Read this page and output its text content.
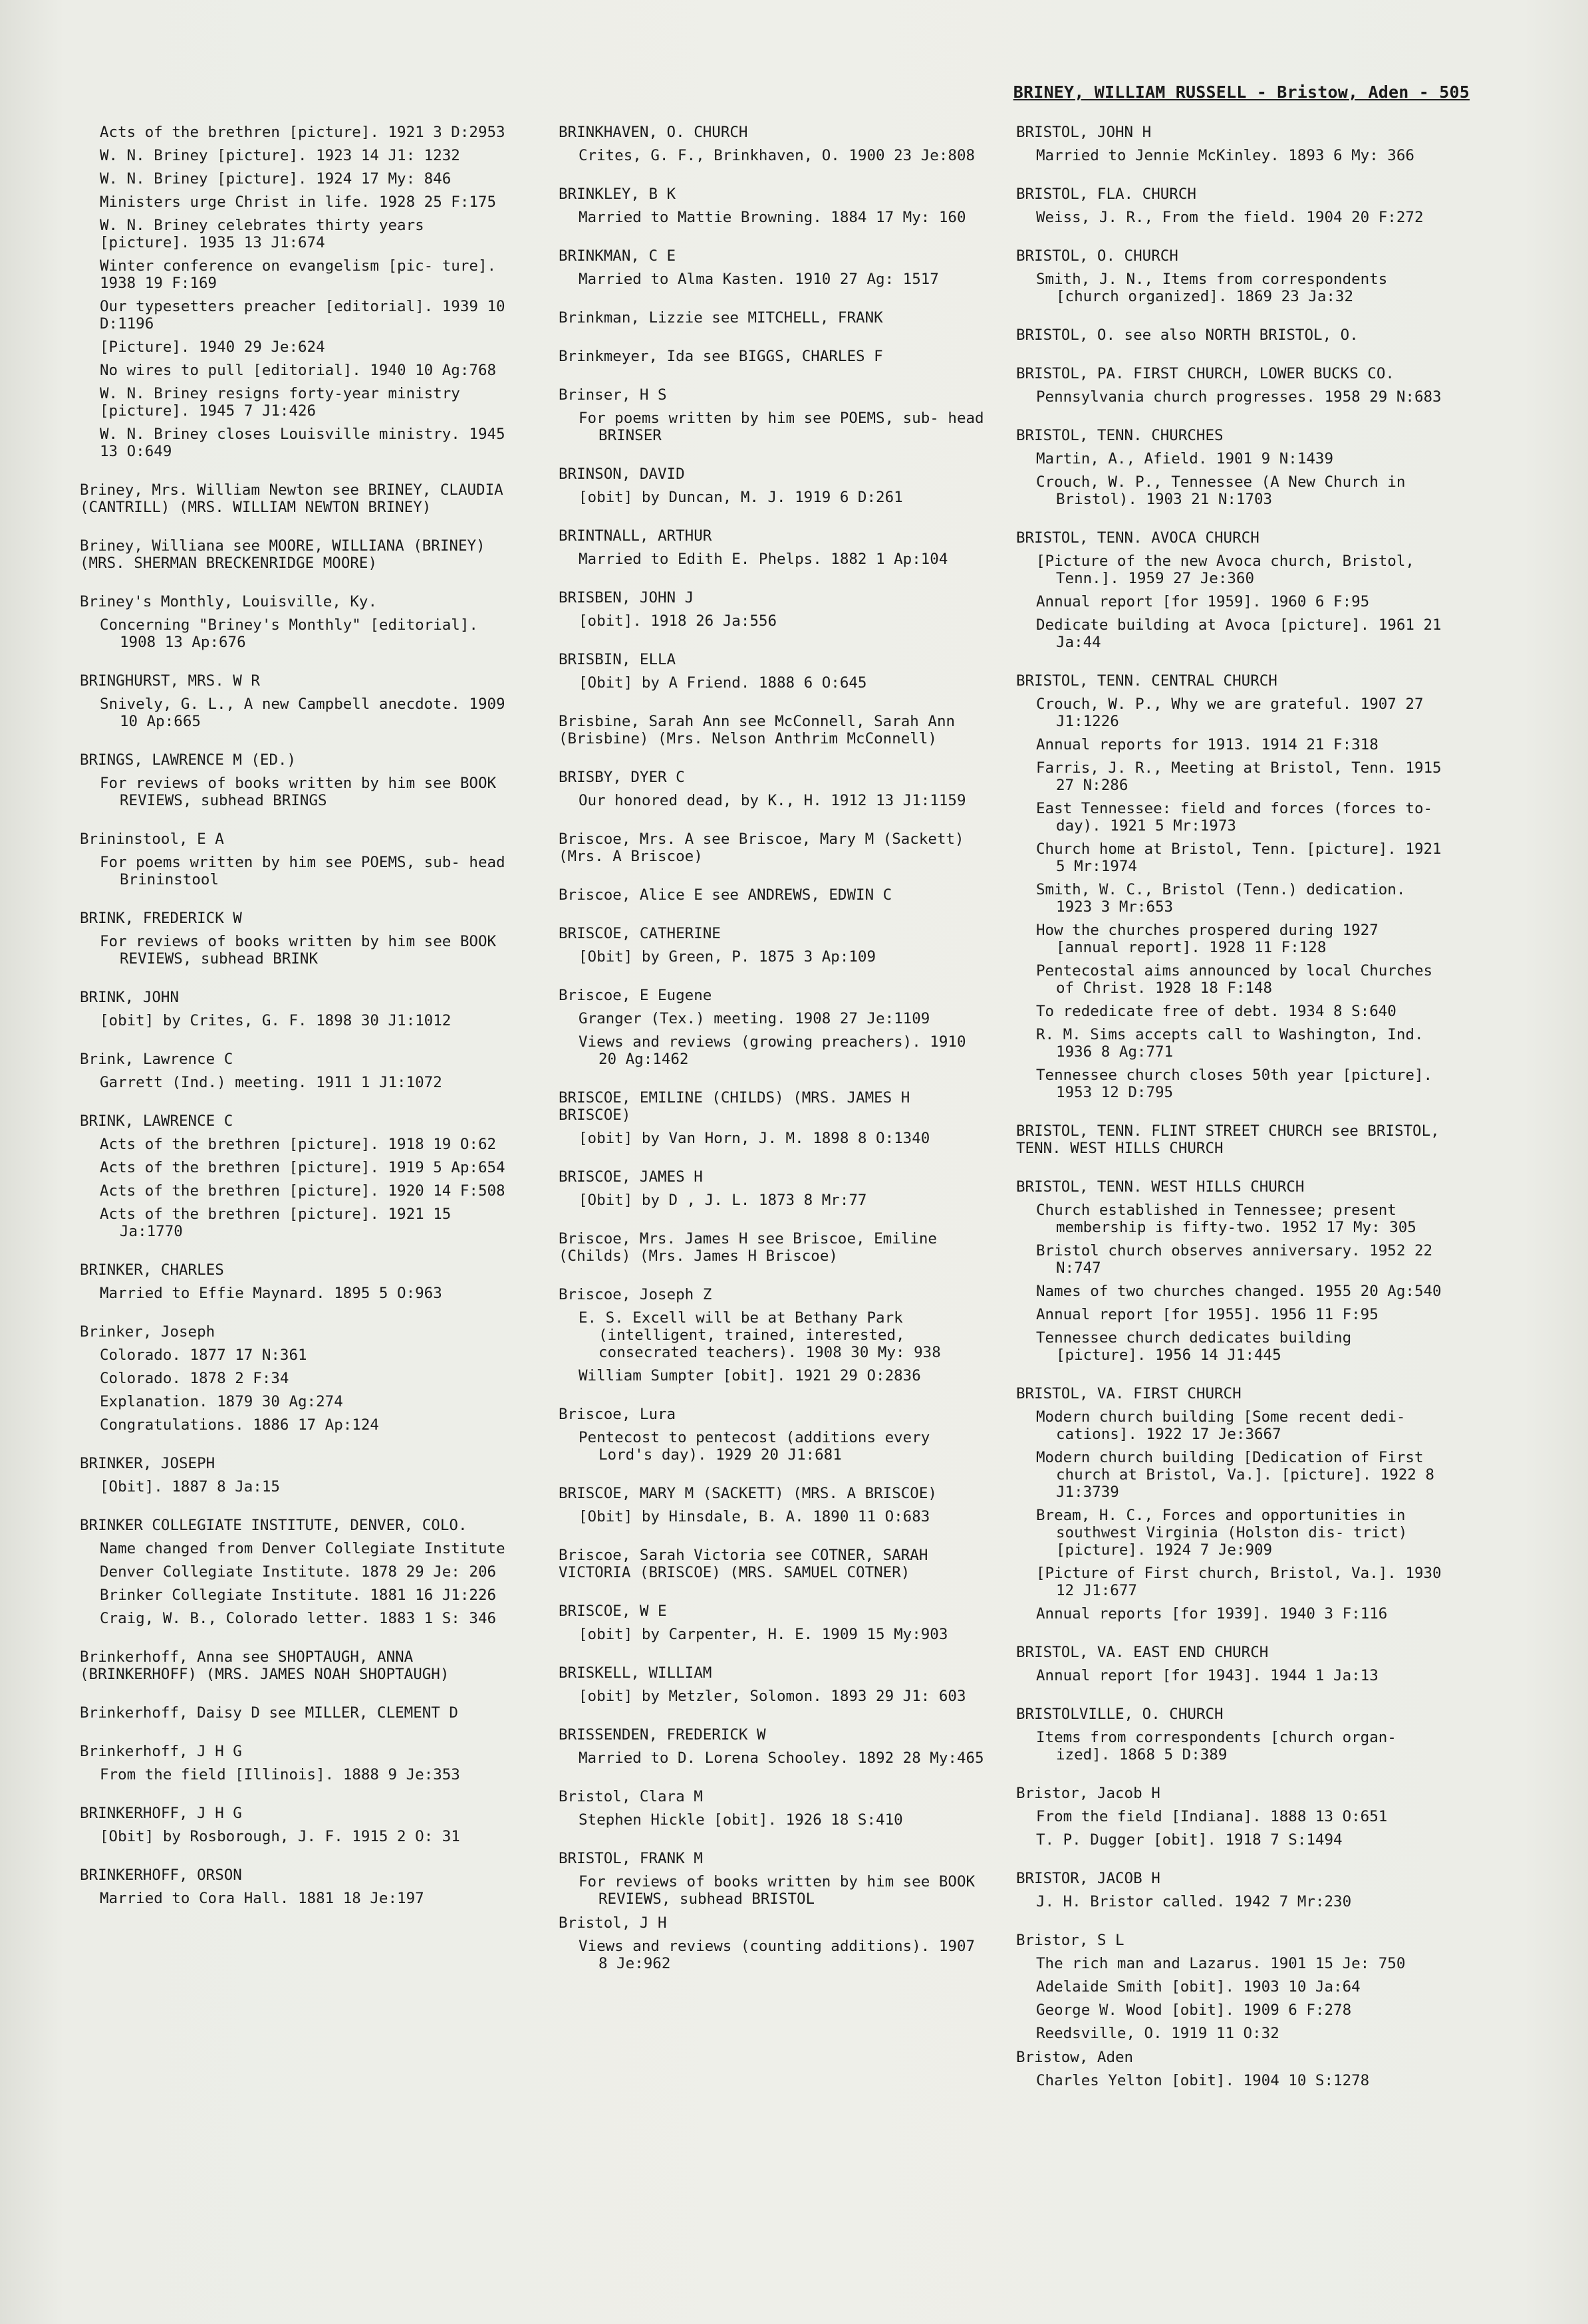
BRINEY, WILLIAM RUSSELL - Bristow, Aden - 505
Acts of the brethren [picture]. 1921 3 D:2953
W. N. Briney [picture]. 1923 14 J1: 1232
W. N. Briney [picture]. 1924 17 My: 846
Ministers urge Christ in life. 1928 25 F:175
W. N. Briney celebrates thirty years [picture]. 1935 13 J1:674
Winter conference on evangelism [pic- ture]. 1938 19 F:169
Our typesetters preacher [editorial]. 1939 10 D:1196
[Picture]. 1940 29 Je:624
No wires to pull [editorial]. 1940 10 Ag:768
W. N. Briney resigns forty-year ministry [picture]. 1945 7 J1:426
W. N. Briney closes Louisville ministry. 1945 13 O:649
Briney, Mrs. William Newton see BRINEY, CLAUDIA (CANTRILL) (MRS. WILLIAM NEWTON BRINEY)
Briney, Williana see MOORE, WILLIANA (BRINEY) (MRS. SHERMAN BRECKENRIDGE MOORE)
Briney's Monthly, Louisville, Ky.
Concerning "Briney's Monthly" [editorial]. 1908 13 Ap:676
BRINGHURST, MRS. W R
Snively, G. L., A new Campbell anecdote. 1909 10 Ap:665
BRINGS, LAWRENCE M (ED.)
For reviews of books written by him see BOOK REVIEWS, subhead BRINGS
Brininstool, E A
For poems written by him see POEMS, sub- head Brininstool
BRINK, FREDERICK W
For reviews of books written by him see BOOK REVIEWS, subhead BRINK
BRINK, JOHN
[obit] by Crites, G. F. 1898 30 J1:1012
Brink, Lawrence C
Garrett (Ind.) meeting. 1911 1 J1:1072
BRINK, LAWRENCE C
Acts of the brethren [picture]. 1918 19 O:62
Acts of the brethren [picture]. 1919 5 Ap:654
Acts of the brethren [picture]. 1920 14 F:508
Acts of the brethren [picture]. 1921 15 Ja:1770
BRINKER, CHARLES
Married to Effie Maynard. 1895 5 O:963
Brinker, Joseph
Colorado. 1877 17 N:361
Colorado. 1878 2 F:34
Explanation. 1879 30 Ag:274
Congratulations. 1886 17 Ap:124
BRINKER, JOSEPH
[Obit]. 1887 8 Ja:15
BRINKER COLLEGIATE INSTITUTE, DENVER, COLO.
Name changed from Denver Collegiate Institute
Denver Collegiate Institute. 1878 29 Je: 206
Brinker Collegiate Institute. 1881 16 J1:226
Craig, W. B., Colorado letter. 1883 1 S: 346
Brinkerhoff, Anna see SHOPTAUGH, ANNA (BRINKERHOFF) (MRS. JAMES NOAH SHOPTAUGH)
Brinkerhoff, Daisy D see MILLER, CLEMENT D
Brinkerhoff, J H G
From the field [Illinois]. 1888 9 Je:353
BRINKERHOFF, J H G
[Obit] by Rosborough, J. F. 1915 2 O: 31
BRINKERHOFF, ORSON
Married to Cora Hall. 1881 18 Je:197
BRINKHAVEN, O. CHURCH
Crites, G. F., Brinkhaven, O. 1900 23 Je:808
BRINKLEY, B K
Married to Mattie Browning. 1884 17 My: 160
BRINKMAN, C E
Married to Alma Kasten. 1910 27 Ag: 1517
Brinkman, Lizzie see MITCHELL, FRANK
Brinkmeyer, Ida see BIGGS, CHARLES F
Brinser, H S
For poems written by him see POEMS, sub- head BRINSER
BRINSON, DAVID
[obit] by Duncan, M. J. 1919 6 D:261
BRINTNALL, ARTHUR
Married to Edith E. Phelps. 1882 1 Ap:104
BRISBEN, JOHN J
[obit]. 1918 26 Ja:556
BRISBIN, ELLA
[Obit] by A Friend. 1888 6 O:645
Brisbine, Sarah Ann see McConnell, Sarah Ann (Brisbine) (Mrs. Nelson Anthrim McConnell)
BRISBY, DYER C
Our honored dead, by K., H. 1912 13 J1:1159
Briscoe, Mrs. A see Briscoe, Mary M (Sackett) (Mrs. A Briscoe)
Briscoe, Alice E see ANDREWS, EDWIN C
BRISCOE, CATHERINE
[Obit] by Green, P. 1875 3 Ap:109
Briscoe, E Eugene
Granger (Tex.) meeting. 1908 27 Je:1109
Views and reviews (growing preachers). 1910 20 Ag:1462
BRISCOE, EMILINE (CHILDS) (MRS. JAMES H BRISCOE)
[obit] by Van Horn, J. M. 1898 8 O:1340
BRISCOE, JAMES H
[Obit] by D , J. L. 1873 8 Mr:77
Briscoe, Mrs. James H see Briscoe, Emiline (Childs) (Mrs. James H Briscoe)
Briscoe, Joseph Z
E. S. Excell will be at Bethany Park (intelligent, trained, interested, consecrated teachers). 1908 30 My: 938
William Sumpter [obit]. 1921 29 O:2836
Briscoe, Lura
Pentecost to pentecost (additions every Lord's day). 1929 20 J1:681
BRISCOE, MARY M (SACKETT) (MRS. A BRISCOE)
[Obit] by Hinsdale, B. A. 1890 11 O:683
Briscoe, Sarah Victoria see COTNER, SARAH VICTORIA (BRISCOE) (MRS. SAMUEL COTNER)
BRISCOE, W E
[obit] by Carpenter, H. E. 1909 15 My:903
BRISKELL, WILLIAM
[obit] by Metzler, Solomon. 1893 29 J1: 603
BRISSENDEN, FREDERICK W
Married to D. Lorena Schooley. 1892 28 My:465
Bristol, Clara M
Stephen Hickle [obit]. 1926 18 S:410
BRISTOL, FRANK M
For reviews of books written by him see BOOK REVIEWS, subhead BRISTOL
Bristol, J H
Views and reviews (counting additions). 1907 8 Je:962
BRISTOL, JOHN H
Married to Jennie McKinley. 1893 6 My: 366
BRISTOL, FLA. CHURCH
Weiss, J. R., From the field. 1904 20 F:272
BRISTOL, O. CHURCH
Smith, J. N., Items from correspondents [church organized]. 1869 23 Ja:32
BRISTOL, O. see also NORTH BRISTOL, O.
BRISTOL, PA. FIRST CHURCH, LOWER BUCKS CO.
Pennsylvania church progresses. 1958 29 N:683
BRISTOL, TENN. CHURCHES
Martin, A., Afield. 1901 9 N:1439
Crouch, W. P., Tennessee (A New Church in Bristol). 1903 21 N:1703
BRISTOL, TENN. AVOCA CHURCH
[Picture of the new Avoca church, Bristol, Tenn.]. 1959 27 Je:360
Annual report [for 1959]. 1960 6 F:95
Dedicate building at Avoca [picture]. 1961 21 Ja:44
BRISTOL, TENN. CENTRAL CHURCH
Crouch, W. P., Why we are grateful. 1907 27 J1:1226
Annual reports for 1913. 1914 21 F:318
Farris, J. R., Meeting at Bristol, Tenn. 1915 27 N:286
East Tennessee: field and forces (forces to-day). 1921 5 Mr:1973
Church home at Bristol, Tenn. [picture]. 1921 5 Mr:1974
Smith, W. C., Bristol (Tenn.) dedication. 1923 3 Mr:653
How the churches prospered during 1927 [annual report]. 1928 11 F:128
Pentecostal aims announced by local Churches of Christ. 1928 18 F:148
To rededicate free of debt. 1934 8 S:640
R. M. Sims accepts call to Washington, Ind. 1936 8 Ag:771
Tennessee church closes 50th year [picture]. 1953 12 D:795
BRISTOL, TENN. FLINT STREET CHURCH see BRISTOL, TENN. WEST HILLS CHURCH
BRISTOL, TENN. WEST HILLS CHURCH
Church established in Tennessee; present membership is fifty-two. 1952 17 My: 305
Bristol church observes anniversary. 1952 22 N:747
Names of two churches changed. 1955 20 Ag:540
Annual report [for 1955]. 1956 11 F:95
Tennessee church dedicates building [picture]. 1956 14 J1:445
BRISTOL, VA. FIRST CHURCH
Modern church building [Some recent dedi- cations]. 1922 17 Je:3667
Modern church building [Dedication of First church at Bristol, Va.]. [picture]. 1922 8 J1:3739
Bream, H. C., Forces and opportunities in southwest Virginia (Holston dis- trict) [picture]. 1924 7 Je:909
[Picture of First church, Bristol, Va.]. 1930 12 J1:677
Annual reports [for 1939]. 1940 3 F:116
BRISTOL, VA. EAST END CHURCH
Annual report [for 1943]. 1944 1 Ja:13
BRISTOLVILLE, O. CHURCH
Items from correspondents [church organ- ized]. 1868 5 D:389
Bristor, Jacob H
From the field [Indiana]. 1888 13 O:651
T. P. Dugger [obit]. 1918 7 S:1494
BRISTOR, JACOB H
J. H. Bristor called. 1942 7 Mr:230
Bristor, S L
The rich man and Lazarus. 1901 15 Je: 750
Adelaide Smith [obit]. 1903 10 Ja:64
George W. Wood [obit]. 1909 6 F:278
Reedsville, O. 1919 11 O:32
Bristow, Aden
Charles Yelton [obit]. 1904 10 S:1278
